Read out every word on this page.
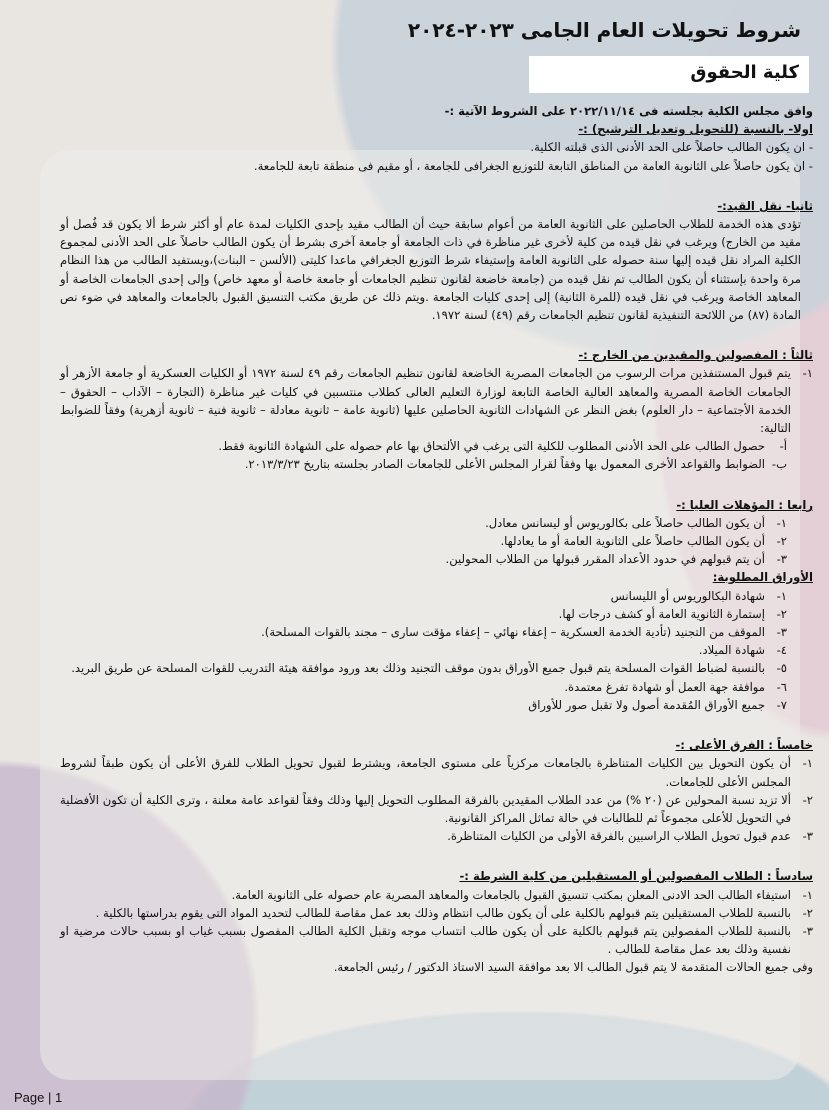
شروط تحويلات العام الجامى ٢٠٢٣-٢٠٢٤
كلية الحقوق

وافق مجلس الكلية بجلسته فى ٢٠٢٢/١١/١٤ على الشروط الآتية :-

اولا- بالنسبة (للتحويل وتعديل الترشيح) :-

- ان يكون الطالب حاصلاً على الحد الأدنى الذى قبلته الكلية.

- ان يكون حاصلاً على الثانوية العامة من المناطق التابعة للتوزيع الجغرافى للجامعة ، أو مقيم فى منطقة تابعة للجامعة.

ثانيا- نقل القيد:-

تؤدى هذه الخدمة للطلاب الحاصلين على الثانوية العامة من أعوام سابقة حيث أن الطالب مقيد بإحدى الكليات لمدة عام أو أكثر شرط ألا يكون قد فُصل أو مقيد من الخارج) ويرغب في نقل قيده من كلية لأخرى غير مناظرة في ذات الجامعة أو جامعة آخرى بشرط أن يكون الطالب حاصلاً على الحد الأدنى لمجموع الكلية المراد نقل قيده إليها سنة حصوله على الثانوية العامة وإستيفاء شرط التوزيع الجغرافي ماعدا كليتى (الألسن – البنات)،ويستفيد الطالب من هذا النظام مرة واحدة بإستثناء أن يكون الطالب تم نقل قيده من (جامعة خاضعة لقانون تنظيم الجامعات أو جامعة خاصة أو معهد خاص) وإلى إحدى الجامعات الخاصة أو المعاهد الخاصة ويرغب في نقل قيده (للمرة الثانية) إلى إحدى كليات الجامعة .ويتم ذلك عن طريق مكتب التنسيق القبول بالجامعات والمعاهد في ضوء نص المادة (٨٧) من اللائحة التنفيذية لقانون تنظيم الجامعات رقم (٤٩) لسنة ١٩٧٢.

ثالثاً : المفصولين والمقيدين من الخارج :-

١-
يتم قبول المستنفذين مرات الرسوب من الجامعات المصرية الخاضعة لقانون تنظيم الجامعات رقم ٤٩ لسنة ١٩٧٢ أو الكليات العسكرية أو جامعة الأزهر أو الجامعات الخاصة المصرية والمعاهد العالية الخاصة التابعة لوزارة التعليم العالى كطلاب منتسبين في كليات غير مناظرة (التجارة – الآداب – الحقوق – الخدمة الأجتماعية – دار العلوم) بغض النظر عن الشهادات الثانوية الحاصلين عليها (ثانوية عامة – ثانوية معادلة – ثانوية فنية – ثانوية أزهرية) وفقاً للضوابط التالية:
أ-
حصول الطالب على الحد الأدنى المطلوب للكلية التى يرغب في الألتحاق بها عام حصوله على الشهادة الثانوية فقط.
ب-
الضوابط والقواعد الأخرى المعمول بها وفقاً لقرار المجلس الأعلى للجامعات الصادر بجلسته بتاريخ ٢٠١٣/٣/٢٣.

رابعا : المؤهلات العليا :-

١-
أن يكون الطالب حاصلاً على بكالوريوس أو ليسانس معادل.
٢-
أن يكون الطالب حاصلاً على الثانوية العامة أو ما يعادلها.
٣-
أن يتم قبولهم في حدود الأعداد المقرر قبولها من الطلاب المحولين.

الأوراق المطلوبة:

١-
شهادة البكالوريوس أو الليسانس
٢-
إستمارة الثانوية العامة أو كشف درجات لها.
٣-
الموقف من التجنيد (تأدية الخدمة العسكرية – إعفاء نهائي – إعفاء مؤقت سارى – مجند بالقوات المسلحة).
٤-
شهادة الميلاد.
٥-
بالنسبة لضباط القوات المسلحة يتم قبول جميع الأوراق بدون موقف التجنيد وذلك بعد ورود موافقة هيئة التدريب للقوات المسلحة عن طريق البريد.
٦-
موافقة جهة العمل أو شهادة تفرغ معتمدة.
٧-
جميع الأوراق المُقدمة أصول ولا تقبل صور للأوراق

خامساً : الفرق الأعلى :-

١-
أن يكون التحويل بين الكليات المتناظرة بالجامعات مركزياً على مستوى الجامعة، ويشترط لقبول تحويل الطلاب للفرق الأعلى أن يكون طبقاً لشروط المجلس الأعلى للجامعات.
٢-
ألا تزيد نسبة المحولين عن (٢٠ %) من عدد الطلاب المقيدين بالفرقة المطلوب التحويل إليها وذلك وفقاً لقواعد عامة معلنة ، وترى الكلية أن تكون الأفضلية في التحويل للأعلى مجموعاً ثم للطالبات في حالة تماثل المراكز القانونية.
٣-
عدم قبول تحويل الطلاب الراسبين بالفرقة الأولى من الكليات المتناظرة.

سادساً : الطلاب المفصولين أو المستقيلين من كلية الشرطة :-

١-
استيفاء الطالب الحد الادنى المعلن بمكتب تنسيق القبول بالجامعات والمعاهد المصرية عام حصوله على الثانوية العامة.
٢-
بالنسبة للطلاب المستقيلين يتم قبولهم بالكلية على أن يكون طالب انتظام وذلك بعد عمل مقاصة للطالب لتحديد المواد التى يقوم بدراستها بالكلية .
٣-
بالنسبة للطلاب المفصولين يتم قبولهم بالكلية على أن يكون طالب انتساب موجه وتقبل الكلية الطالب المفصول بسبب غياب او بسبب حالات مرضية او نفسية وذلك بعد عمل مقاصة للطالب .

وفى جميع الحالات المتقدمة لا يتم قبول الطالب الا بعد موافقة السيد الاستاذ الدكتور / رئيس الجامعة.

Page | 1
